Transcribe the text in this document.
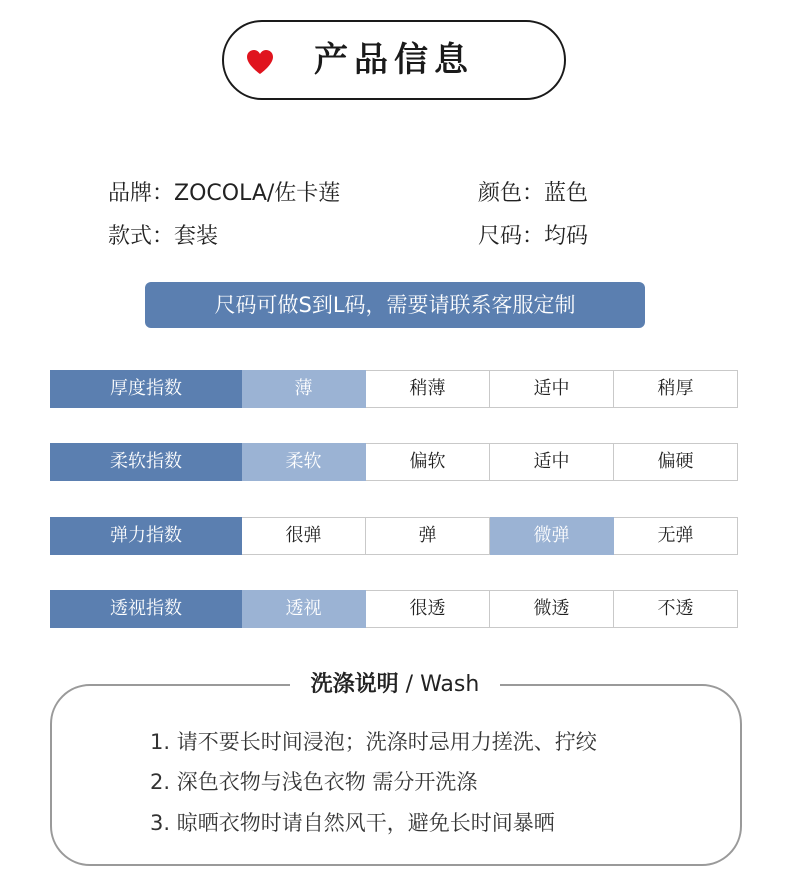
产品信息
品牌：ZOCOLA/佐卡莲	颜色：蓝色
款式：套装	尺码：均码
尺码可做S到L码，需要请联系客服定制
厚度指数	薄	稍薄	适中	稍厚
柔软指数	柔软	偏软	适中	偏硬
弹力指数	很弹	弹	微弹	无弹
透视指数	透视	很透	微透	不透
洗涤说明 / Wash
1. 请不要长时间浸泡；洗涤时忌用力搓洗、拧绞
2. 深色衣物与浅色衣物 需分开洗涤
3. 晾晒衣物时请自然风干，避免长时间暴晒
